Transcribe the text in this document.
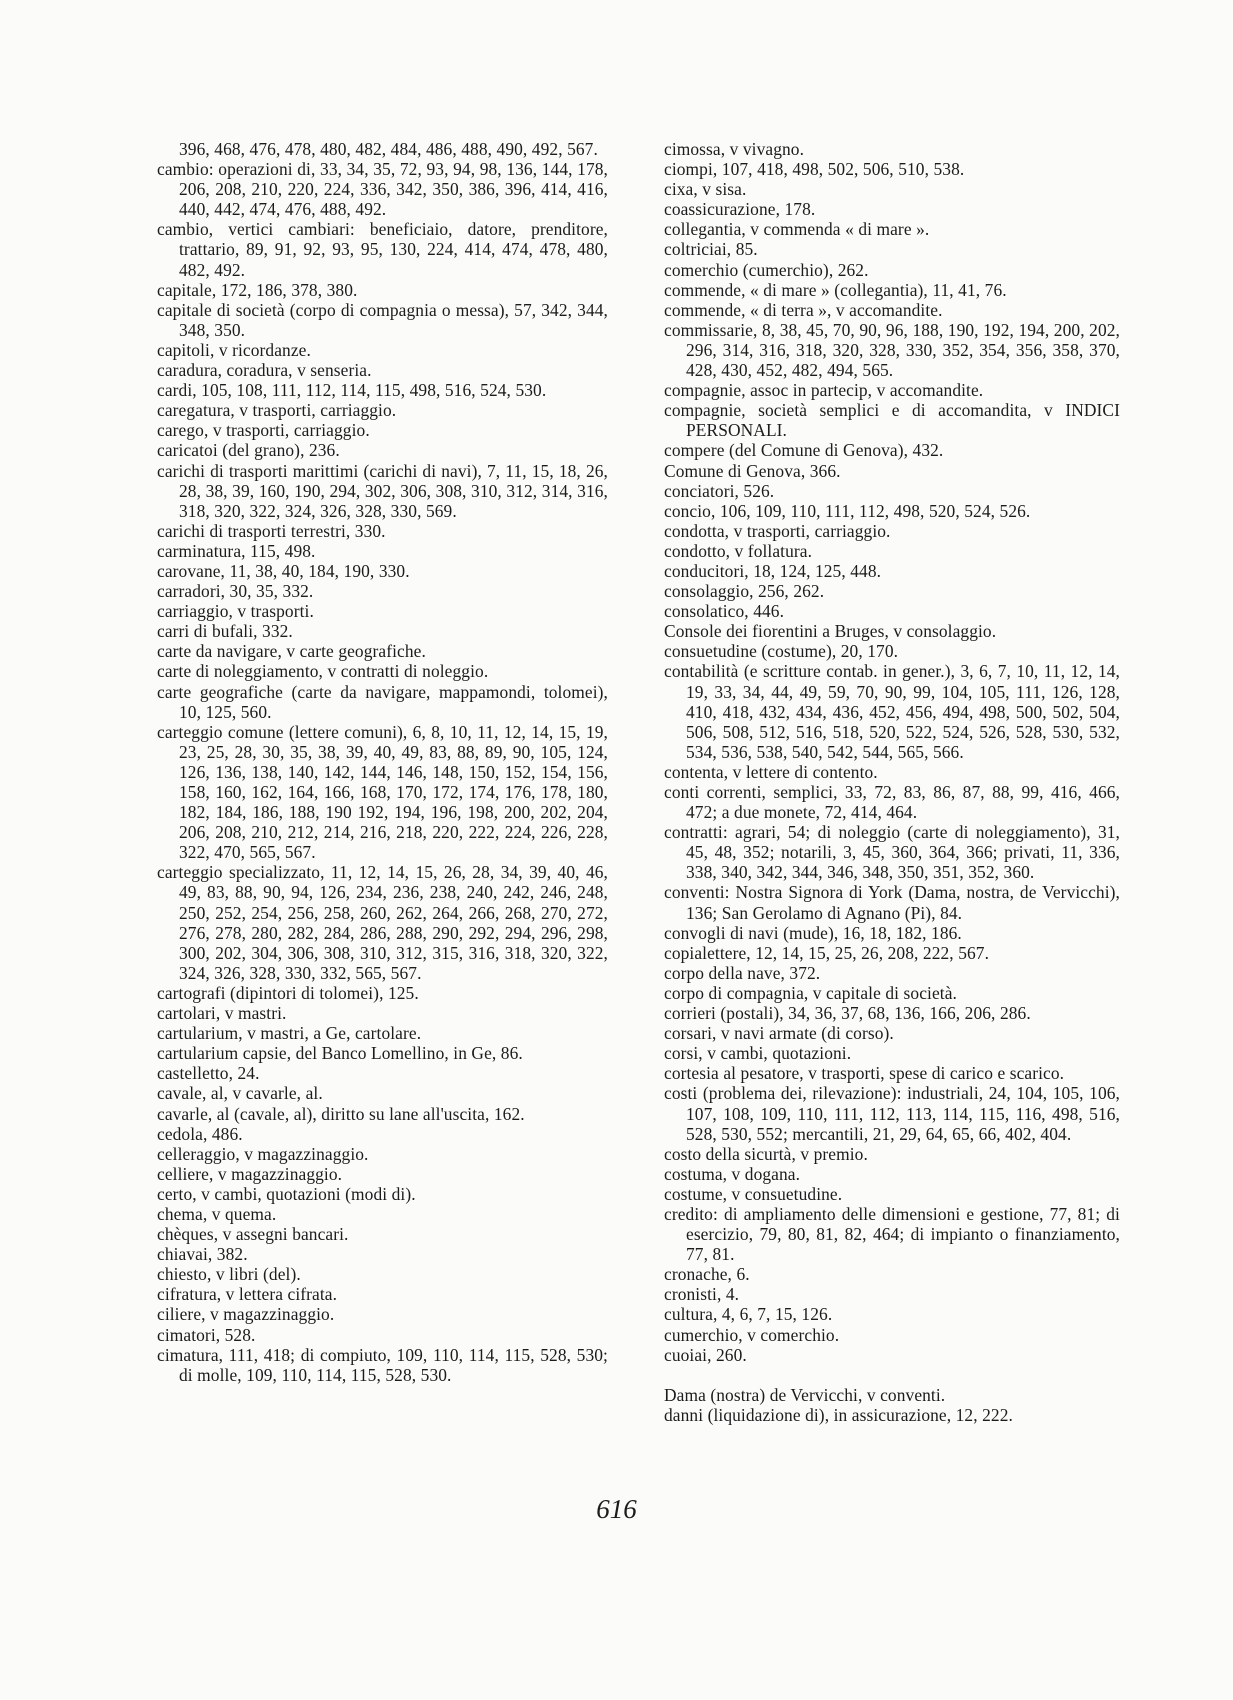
396, 468, 476, 478, 480, 482, 484, 486, 488, 490, 492, 567.
cambio: operazioni di, 33, 34, 35, 72, 93, 94, 98, 136, 144, 178, 206, 208, 210, 220, 224, 336, 342, 350, 386, 396, 414, 416, 440, 442, 474, 476, 488, 492.
cambio, vertici cambiari: beneficiaio, datore, prenditore, trattario, 89, 91, 92, 93, 95, 130, 224, 414, 474, 478, 480, 482, 492.
capitale, 172, 186, 378, 380.
capitale di società (corpo di compagnia o messa), 57, 342, 344, 348, 350.
capitoli, v ricordanze.
caradura, coradura, v senseria.
cardi, 105, 108, 111, 112, 114, 115, 498, 516, 524, 530.
caregatura, v trasporti, carriaggio.
carego, v trasporti, carriaggio.
caricatoi (del grano), 236.
carichi di trasporti marittimi (carichi di navi), 7, 11, 15, 18, 26, 28, 38, 39, 160, 190, 294, 302, 306, 308, 310, 312, 314, 316, 318, 320, 322, 324, 326, 328, 330, 569.
carichi di trasporti terrestri, 330.
carminatura, 115, 498.
carovane, 11, 38, 40, 184, 190, 330.
carradori, 30, 35, 332.
carriaggio, v trasporti.
carri di bufali, 332.
carte da navigare, v carte geografiche.
carte di noleggiamento, v contratti di noleggio.
carte geografiche (carte da navigare, mappamondi, tolomei), 10, 125, 560.
carteggio comune (lettere comuni), 6, 8, 10, 11, 12, 14, 15, 19, 23, 25, 28, 30, 35, 38, 39, 40, 49, 83, 88, 89, 90, 105, 124, 126, 136, 138, 140, 142, 144, 146, 148, 150, 152, 154, 156, 158, 160, 162, 164, 166, 168, 170, 172, 174, 176, 178, 180, 182, 184, 186, 188, 190 192, 194, 196, 198, 200, 202, 204, 206, 208, 210, 212, 214, 216, 218, 220, 222, 224, 226, 228, 322, 470, 565, 567.
carteggio specializzato, 11, 12, 14, 15, 26, 28, 34, 39, 40, 46, 49, 83, 88, 90, 94, 126, 234, 236, 238, 240, 242, 246, 248, 250, 252, 254, 256, 258, 260, 262, 264, 266, 268, 270, 272, 276, 278, 280, 282, 284, 286, 288, 290, 292, 294, 296, 298, 300, 202, 304, 306, 308, 310, 312, 315, 316, 318, 320, 322, 324, 326, 328, 330, 332, 565, 567.
cartografi (dipintori di tolomei), 125.
cartolari, v mastri.
cartularium, v mastri, a Ge, cartolare.
cartularium capsie, del Banco Lomellino, in Ge, 86.
castelletto, 24.
cavale, al, v cavarle, al.
cavarle, al (cavale, al), diritto su lane all'uscita, 162.
cedola, 486.
celleraggio, v magazzinaggio.
celliere, v magazzinaggio.
certo, v cambi, quotazioni (modi di).
chema, v quema.
chèques, v assegni bancari.
chiavai, 382.
chiesto, v libri (del).
cifratura, v lettera cifrata.
ciliere, v magazzinaggio.
cimatori, 528.
cimatura, 111, 418; di compiuto, 109, 110, 114, 115, 528, 530; di molle, 109, 110, 114, 115, 528, 530.
cimossa, v vivagno.
ciompi, 107, 418, 498, 502, 506, 510, 538.
cixa, v sisa.
coassicurazione, 178.
collegantia, v commenda « di mare ».
coltriciai, 85.
comerchio (cumerchio), 262.
commende, « di mare » (collegantia), 11, 41, 76.
commende, « di terra », v accomandite.
commissarie, 8, 38, 45, 70, 90, 96, 188, 190, 192, 194, 200, 202, 296, 314, 316, 318, 320, 328, 330, 352, 354, 356, 358, 370, 428, 430, 452, 482, 494, 565.
compagnie, assoc in partecip, v accomandite.
compagnie, società semplici e di accomandita, v INDICI PERSONALI.
compere (del Comune di Genova), 432.
Comune di Genova, 366.
conciatori, 526.
concio, 106, 109, 110, 111, 112, 498, 520, 524, 526.
condotta, v trasporti, carriaggio.
condotto, v follatura.
conducitori, 18, 124, 125, 448.
consolaggio, 256, 262.
consolatico, 446.
Console dei fiorentini a Bruges, v consolaggio.
consuetudine (costume), 20, 170.
contabilità (e scritture contab. in gener.), 3, 6, 7, 10, 11, 12, 14, 19, 33, 34, 44, 49, 59, 70, 90, 99, 104, 105, 111, 126, 128, 410, 418, 432, 434, 436, 452, 456, 494, 498, 500, 502, 504, 506, 508, 512, 516, 518, 520, 522, 524, 526, 528, 530, 532, 534, 536, 538, 540, 542, 544, 565, 566.
contenta, v lettere di contento.
conti correnti, semplici, 33, 72, 83, 86, 87, 88, 99, 416, 466, 472; a due monete, 72, 414, 464.
contratti: agrari, 54; di noleggio (carte di noleggiamento), 31, 45, 48, 352; notarili, 3, 45, 360, 364, 366; privati, 11, 336, 338, 340, 342, 344, 346, 348, 350, 351, 352, 360.
conventi: Nostra Signora di York (Dama, nostra, de Vervicchi), 136; San Gerolamo di Agnano (Pi), 84.
convogli di navi (mude), 16, 18, 182, 186.
copialettere, 12, 14, 15, 25, 26, 208, 222, 567.
corpo della nave, 372.
corpo di compagnia, v capitale di società.
corrieri (postali), 34, 36, 37, 68, 136, 166, 206, 286.
corsari, v navi armate (di corso).
corsi, v cambi, quotazioni.
cortesia al pesatore, v trasporti, spese di carico e scarico.
costi (problema dei, rilevazione): industriali, 24, 104, 105, 106, 107, 108, 109, 110, 111, 112, 113, 114, 115, 116, 498, 516, 528, 530, 552; mercantili, 21, 29, 64, 65, 66, 402, 404.
costo della sicurtà, v premio.
costuma, v dogana.
costume, v consuetudine.
credito: di ampliamento delle dimensioni e gestione, 77, 81; di esercizio, 79, 80, 81, 82, 464; di impianto o finanziamento, 77, 81.
cronache, 6.
cronisti, 4.
cultura, 4, 6, 7, 15, 126.
cumerchio, v comerchio.
cuoiai, 260.
Dama (nostra) de Vervicchi, v conventi.
danni (liquidazione di), in assicurazione, 12, 222.
616
